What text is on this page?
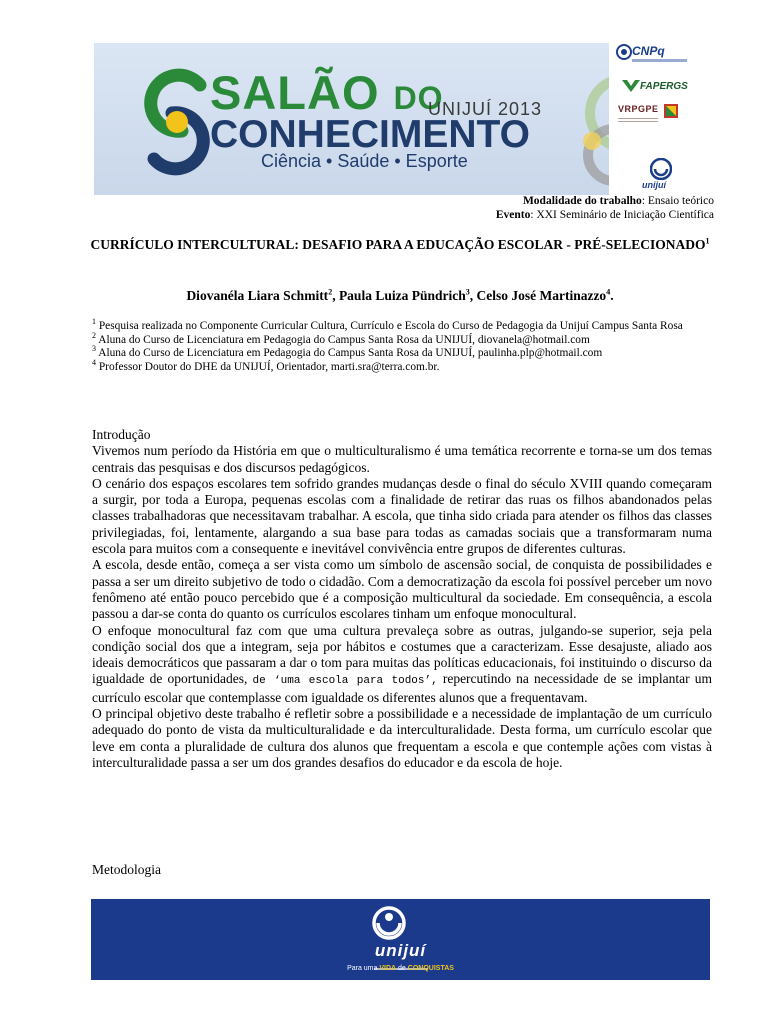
SALÃO DO
UNIJUÍ 2013
CONHECIMENTO
Ciência • Saúde • Esporte
CNPq
FAPERGS
VRPGPE
unijuí
Modalidade do trabalho: Ensaio teórico
Evento: XXI Seminário de Iniciação Científica
CURRÍCULO INTERCULTURAL: DESAFIO PARA A EDUCAÇÃO ESCOLAR - PRÉ-SELECIONADO$^1$
Diovanéla Liara Schmitt$^2$, Paula Luiza Pündrich$^3$, Celso José Martinazzo$^4$.

$^1$ Pesquisa realizada no Componente Curricular Cultura, Currículo e Escola do Curso de Pedagogia da Unijuí Campus Santa Rosa

$^2$ Aluna do Curso de Licenciatura em Pedagogia do Campus Santa Rosa da UNIJUÍ, diovanela@hotmail.com

$^3$ Aluna do Curso de Licenciatura em Pedagogia do Campus Santa Rosa da UNIJUÍ, paulinha.plp@hotmail.com

$^4$ Professor Doutor do DHE da UNIJUÍ, Orientador, marti.sra@terra.com.br.

Introdução

Vivemos num período da História em que o multiculturalismo é uma temática recorrente e torna-se um dos temas centrais das pesquisas e dos discursos pedagógicos.

O cenário dos espaços escolares tem sofrido grandes mudanças desde o final do século XVIII quando começaram a surgir, por toda a Europa, pequenas escolas com a finalidade de retirar das ruas os filhos abandonados pelas classes trabalhadoras que necessitavam trabalhar. A escola, que tinha sido criada para atender os filhos das classes privilegiadas, foi, lentamente, alargando a sua base para todas as camadas sociais que a transformaram numa escola para muitos com a consequente e inevitável convivência entre grupos de diferentes culturas.

A escola, desde então, começa a ser vista como um símbolo de ascensão social, de conquista de possibilidades e passa a ser um direito subjetivo de todo o cidadão. Com a democratização da escola foi possível perceber um novo fenômeno até então pouco percebido que é a composição multicultural da sociedade. Em consequência, a escola passou a dar-se conta do quanto os currículos escolares tinham um enfoque monocultural.

O enfoque monocultural faz com que uma cultura prevaleça sobre as outras, julgando-se superior, seja pela condição social dos que a integram, seja por hábitos e costumes que a caracterizam. Esse desajuste, aliado aos ideais democráticos que passaram a dar o tom para muitas das políticas educacionais, foi instituindo o discurso da igualdade de oportunidades, de ‘uma escola para todos’, repercutindo na necessidade de se implantar um currículo escolar que contemplasse com igualdade os diferentes alunos que a frequentavam.

O principal objetivo deste trabalho é refletir sobre a possibilidade e a necessidade de implantação de um currículo adequado do ponto de vista da multiculturalidade e da interculturalidade. Desta forma, um currículo escolar que leve em conta a pluralidade de cultura dos alunos que frequentam a escola e que contemple ações com vistas à interculturalidade passa a ser um dos grandes desafios do educador e da escola de hoje.

Metodologia
unijuí
Para uma VIDA de CONQUISTAS
